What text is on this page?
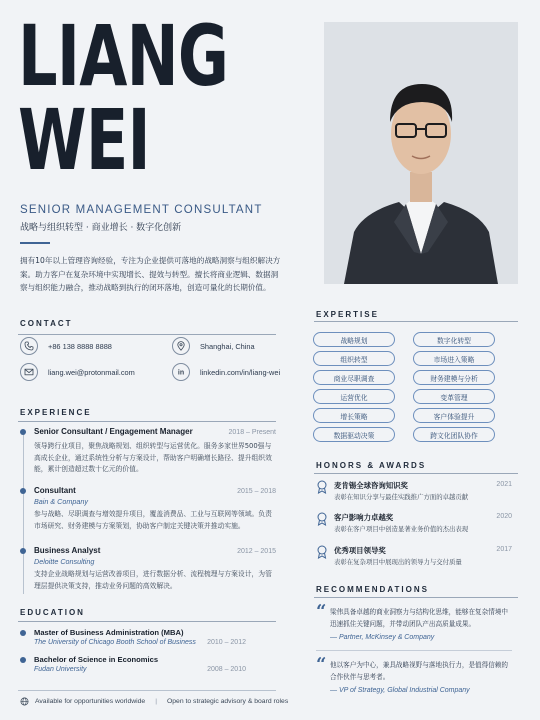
LIANG
WEI
SENIOR MANAGEMENT CONSULTANT
战略与组织转型 · 商业增长 · 数字化创新
拥有10年以上管理咨询经验，专注为企业提供可落地的战略洞察与组织解决方案。助力客户在复杂环境中实现增长、提效与转型。擅长将商业逻辑、数据洞察与组织能力融合，推动战略到执行的闭环落地，创造可量化的长期价值。
CONTACT
+86 138 8888 8888	Shanghai, China
liang.wei@protonmail.com	in linkedin.com/in/liang-wei
EXPERIENCE
Senior Consultant / Engagement Manager	2018 – Present
领导跨行业项目，聚焦战略规划、组织转型与运营优化。服务多家世界500强与高成长企业，通过系统性分析与方案设计，帮助客户明确增长路径、提升组织效能，累计创造超过数十亿元的价值。
Consultant	2015 – 2018
Bain & Company
参与战略、尽职调查与增效提升项目，覆盖消费品、工业与互联网等领域。负责市场研究、财务建模与方案策划，协助客户制定关键决策并推动实施。
Business Analyst	2012 – 2015
Deloitte Consulting
支持企业战略规划与运营改善项目，进行数据分析、流程梳理与方案设计，为管理层提供决策支持，推动业务问题的高效解决。
EDUCATION
Master of Business Administration (MBA)
The University of Chicago Booth School of Business 2010 – 2012
Bachelor of Science in Economics
Fudan University	2008 – 2010
Available for opportunities worldwide | Open to strategic advisory & board roles
EXPERTISE
战略规划	数字化转型
组织转型	市场进入策略
商业尽职调查	财务建模与分析
运营优化	变革管理
增长策略	客户体验提升
数据驱动决策	跨文化团队协作
HONORS & AWARDS
麦肯锡全球咨询知识奖	2021
表彰在知识分享与最佳实践推广方面的卓越贡献
客户影响力卓越奖	2020
表彰在客户项目中创造显著业务价值的杰出表现
优秀项目领导奖	2017
表彰在复杂项目中展现出的领导力与交付质量
RECOMMENDATIONS
“ 梁伟具备卓越的商业洞察力与结构化思维，能够在复杂情境中迅速抓住关键问题，并带动团队产出高质量成果。
— Partner, McKinsey & Company
“ 他以客户为中心，兼具战略视野与落地执行力，是值得信赖的合作伙伴与思考者。
— VP of Strategy, Global Industrial Company
